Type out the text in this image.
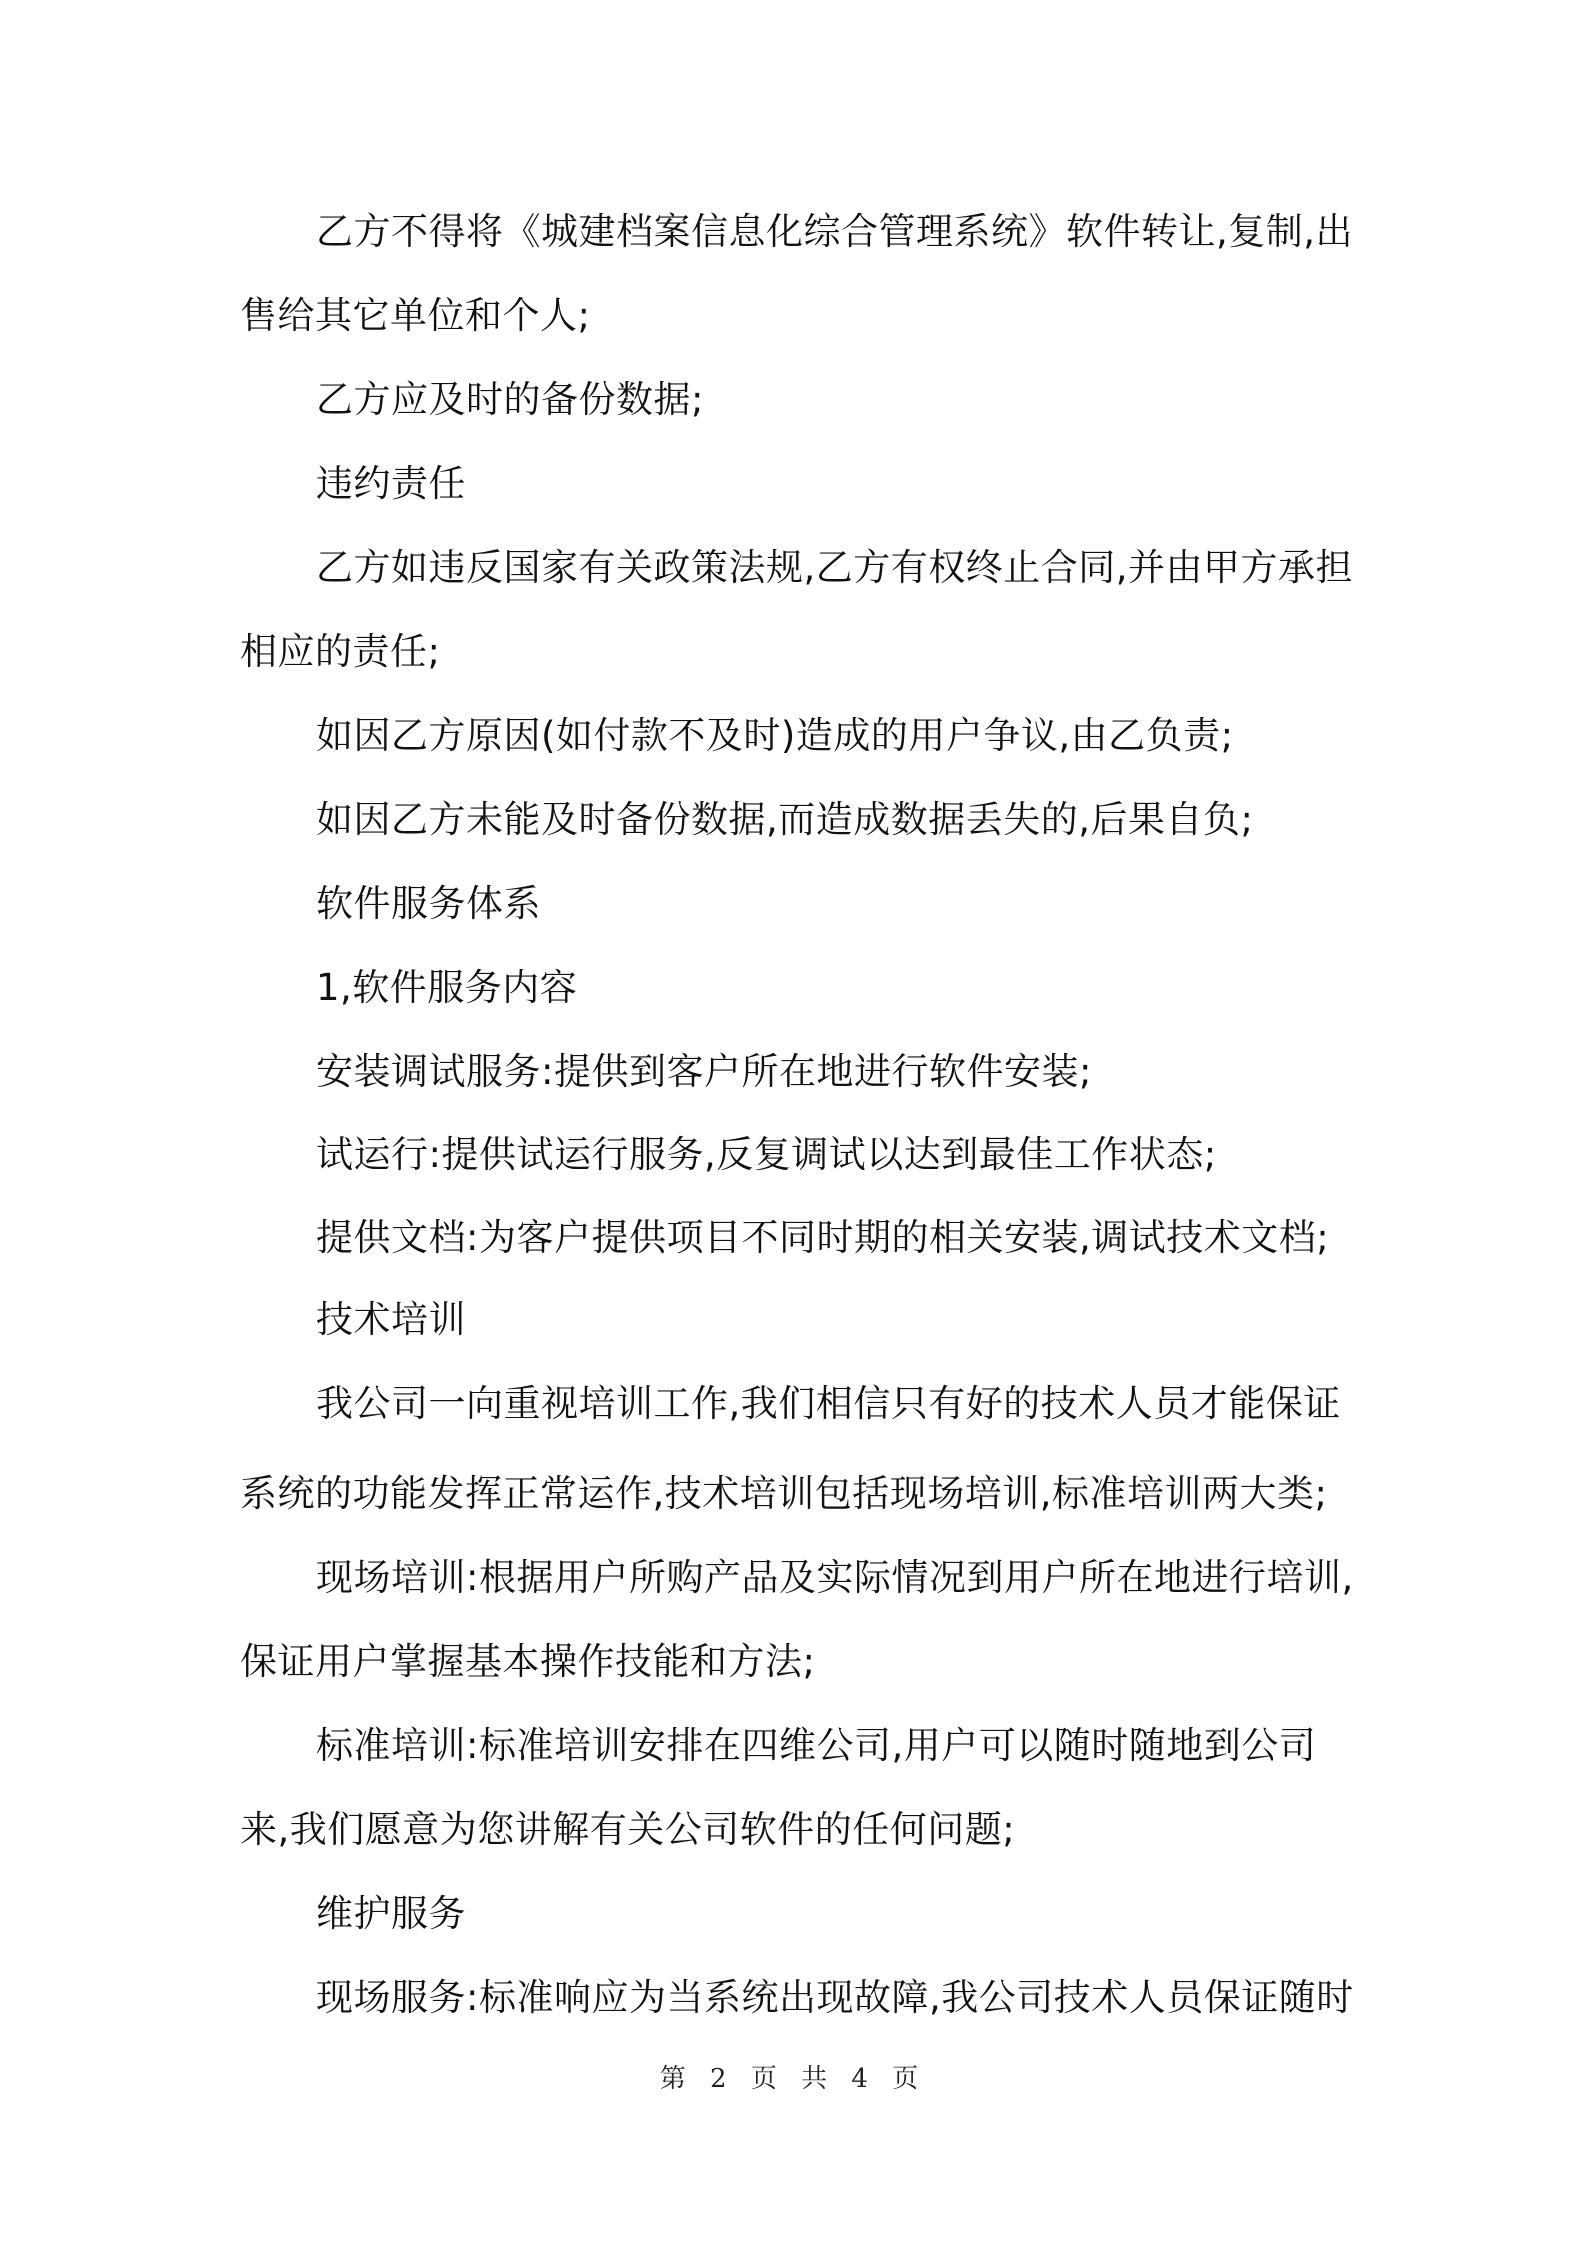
乙方不得将《城建档案信息化综合管理系统》软件转让,复制,出
售给其它单位和个人;
乙方应及时的备份数据;
违约责任
乙方如违反国家有关政策法规,乙方有权终止合同,并由甲方承担
相应的责任;
如因乙方原因(如付款不及时)造成的用户争议,由乙负责;
如因乙方未能及时备份数据,而造成数据丢失的,后果自负;
软件服务体系
1,软件服务内容
安装调试服务:提供到客户所在地进行软件安装;
试运行:提供试运行服务,反复调试以达到最佳工作状态;
提供文档:为客户提供项目不同时期的相关安装,调试技术文档;
技术培训
我公司一向重视培训工作,我们相信只有好的技术人员才能保证
系统的功能发挥正常运作,技术培训包括现场培训,标准培训两大类;
现场培训:根据用户所购产品及实际情况到用户所在地进行培训,
保证用户掌握基本操作技能和方法;
标准培训:标准培训安排在四维公司,用户可以随时随地到公司
来,我们愿意为您讲解有关公司软件的任何问题;
维护服务
现场服务:标准响应为当系统出现故障,我公司技术人员保证随时
第 2 页 共 4 页
